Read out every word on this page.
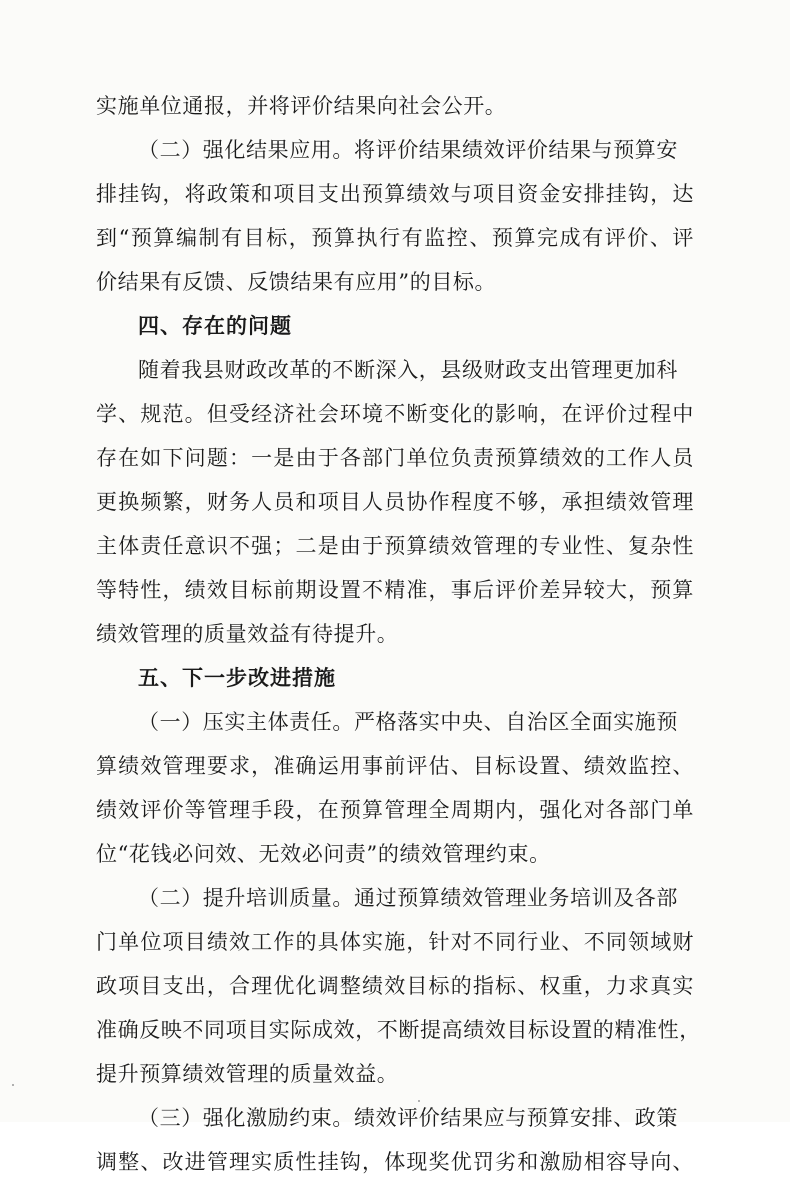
实施单位通报，并将评价结果向社会公开。
（二）强化结果应用。将评价结果绩效评价结果与预算安
排挂钩，将政策和项目支出预算绩效与项目资金安排挂钩，达
到“预算编制有目标，预算执行有监控、预算完成有评价、评
价结果有反馈、反馈结果有应用”的目标。
四、存在的问题
随着我县财政改革的不断深入，县级财政支出管理更加科
学、规范。但受经济社会环境不断变化的影响，在评价过程中
存在如下问题：一是由于各部门单位负责预算绩效的工作人员
更换频繁，财务人员和项目人员协作程度不够，承担绩效管理
主体责任意识不强；二是由于预算绩效管理的专业性、复杂性
等特性，绩效目标前期设置不精准，事后评价差异较大，预算
绩效管理的质量效益有待提升。
五、下一步改进措施
（一）压实主体责任。严格落实中央、自治区全面实施预
算绩效管理要求，准确运用事前评估、目标设置、绩效监控、
绩效评价等管理手段，在预算管理全周期内，强化对各部门单
位“花钱必问效、无效必问责”的绩效管理约束。
（二）提升培训质量。通过预算绩效管理业务培训及各部
门单位项目绩效工作的具体实施，针对不同行业、不同领域财
政项目支出，合理优化调整绩效目标的指标、权重，力求真实
准确反映不同项目实际成效，不断提高绩效目标设置的精准性，
提升预算绩效管理的质量效益。
（三）强化激励约束。绩效评价结果应与预算安排、政策
调整、改进管理实质性挂钩，体现奖优罚劣和激励相容导向、
